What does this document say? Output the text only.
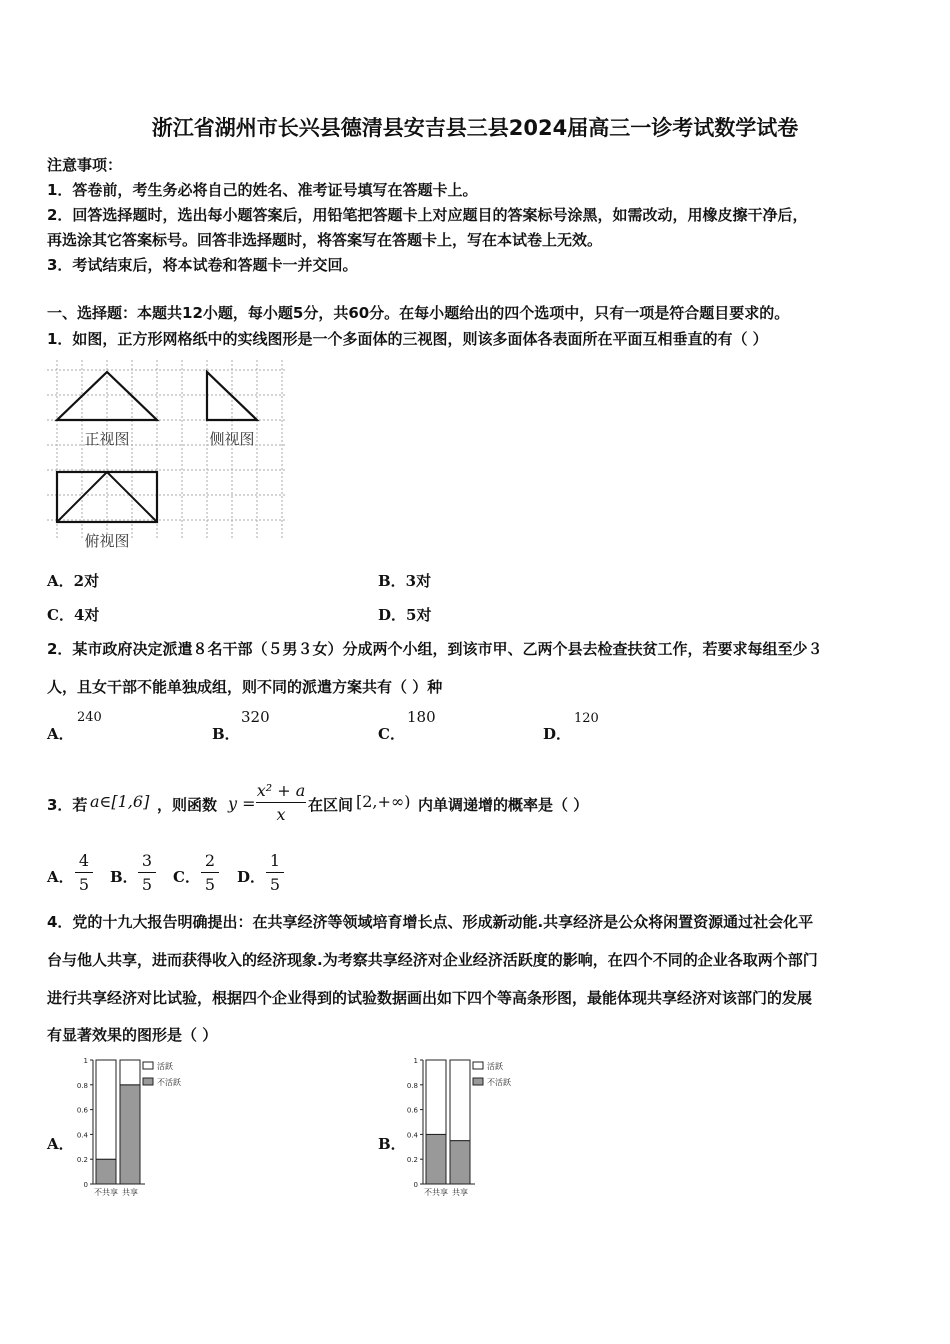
浙江省湖州市长兴县德清县安吉县三县2024届高三一诊考试数学试卷
注意事项：
1．答卷前，考生务必将自己的姓名、准考证号填写在答题卡上。
2．回答选择题时，选出每小题答案后，用铅笔把答题卡上对应题目的答案标号涂黑，如需改动，用橡皮擦干净后，
再选涂其它答案标号。回答非选择题时，将答案写在答题卡上，写在本试卷上无效。
3．考试结束后，将本试卷和答题卡一并交回。
一、选择题：本题共12小题，每小题5分，共60分。在每小题给出的四个选项中，只有一项是符合题目要求的。
1．如图，正方形网格纸中的实线图形是一个多面体的三视图，则该多面体各表面所在平面互相垂直的有（ ）
正视图	侧视图
俯视图
A．2对	B．3对
C．4对	D．5对
2．某市政府决定派遣８名干部（５男３女）分成两个小组，到该市甲、乙两个县去检查扶贫工作，若要求每组至少３
人，且女干部不能单独成组，则不同的派遣方案共有（ ）种
A．
240
B．
320
C．
180
D．
120
3．若 a∈[1,6] ，则函数 y =
x² + a
x	在区间 [2,+∞) 内单调递增的概率是（ ）
A．
4
5 B．
3
5 C．
2
5 D．
1
5
4．党的十九大报告明确提出：在共享经济等领域培育增长点、形成新动能.共享经济是公众将闲置资源通过社会化平
台与他人共享，进而获得收入的经济现象.为考察共享经济对企业经济活跃度的影响，在四个不同的企业各取两个部门
进行共享经济对比试验，根据四个企业得到的试验数据画出如下四个等高条形图，最能体现共享经济对该部门的发展
有显著效果的图形是（ ）
A．	B．
0
0.2
0.4
0.6
0.8
1
不共享 共享
活跃
不活跃
0
0.2
0.4
0.6
0.8
1
不共享 共享
活跃
不活跃
